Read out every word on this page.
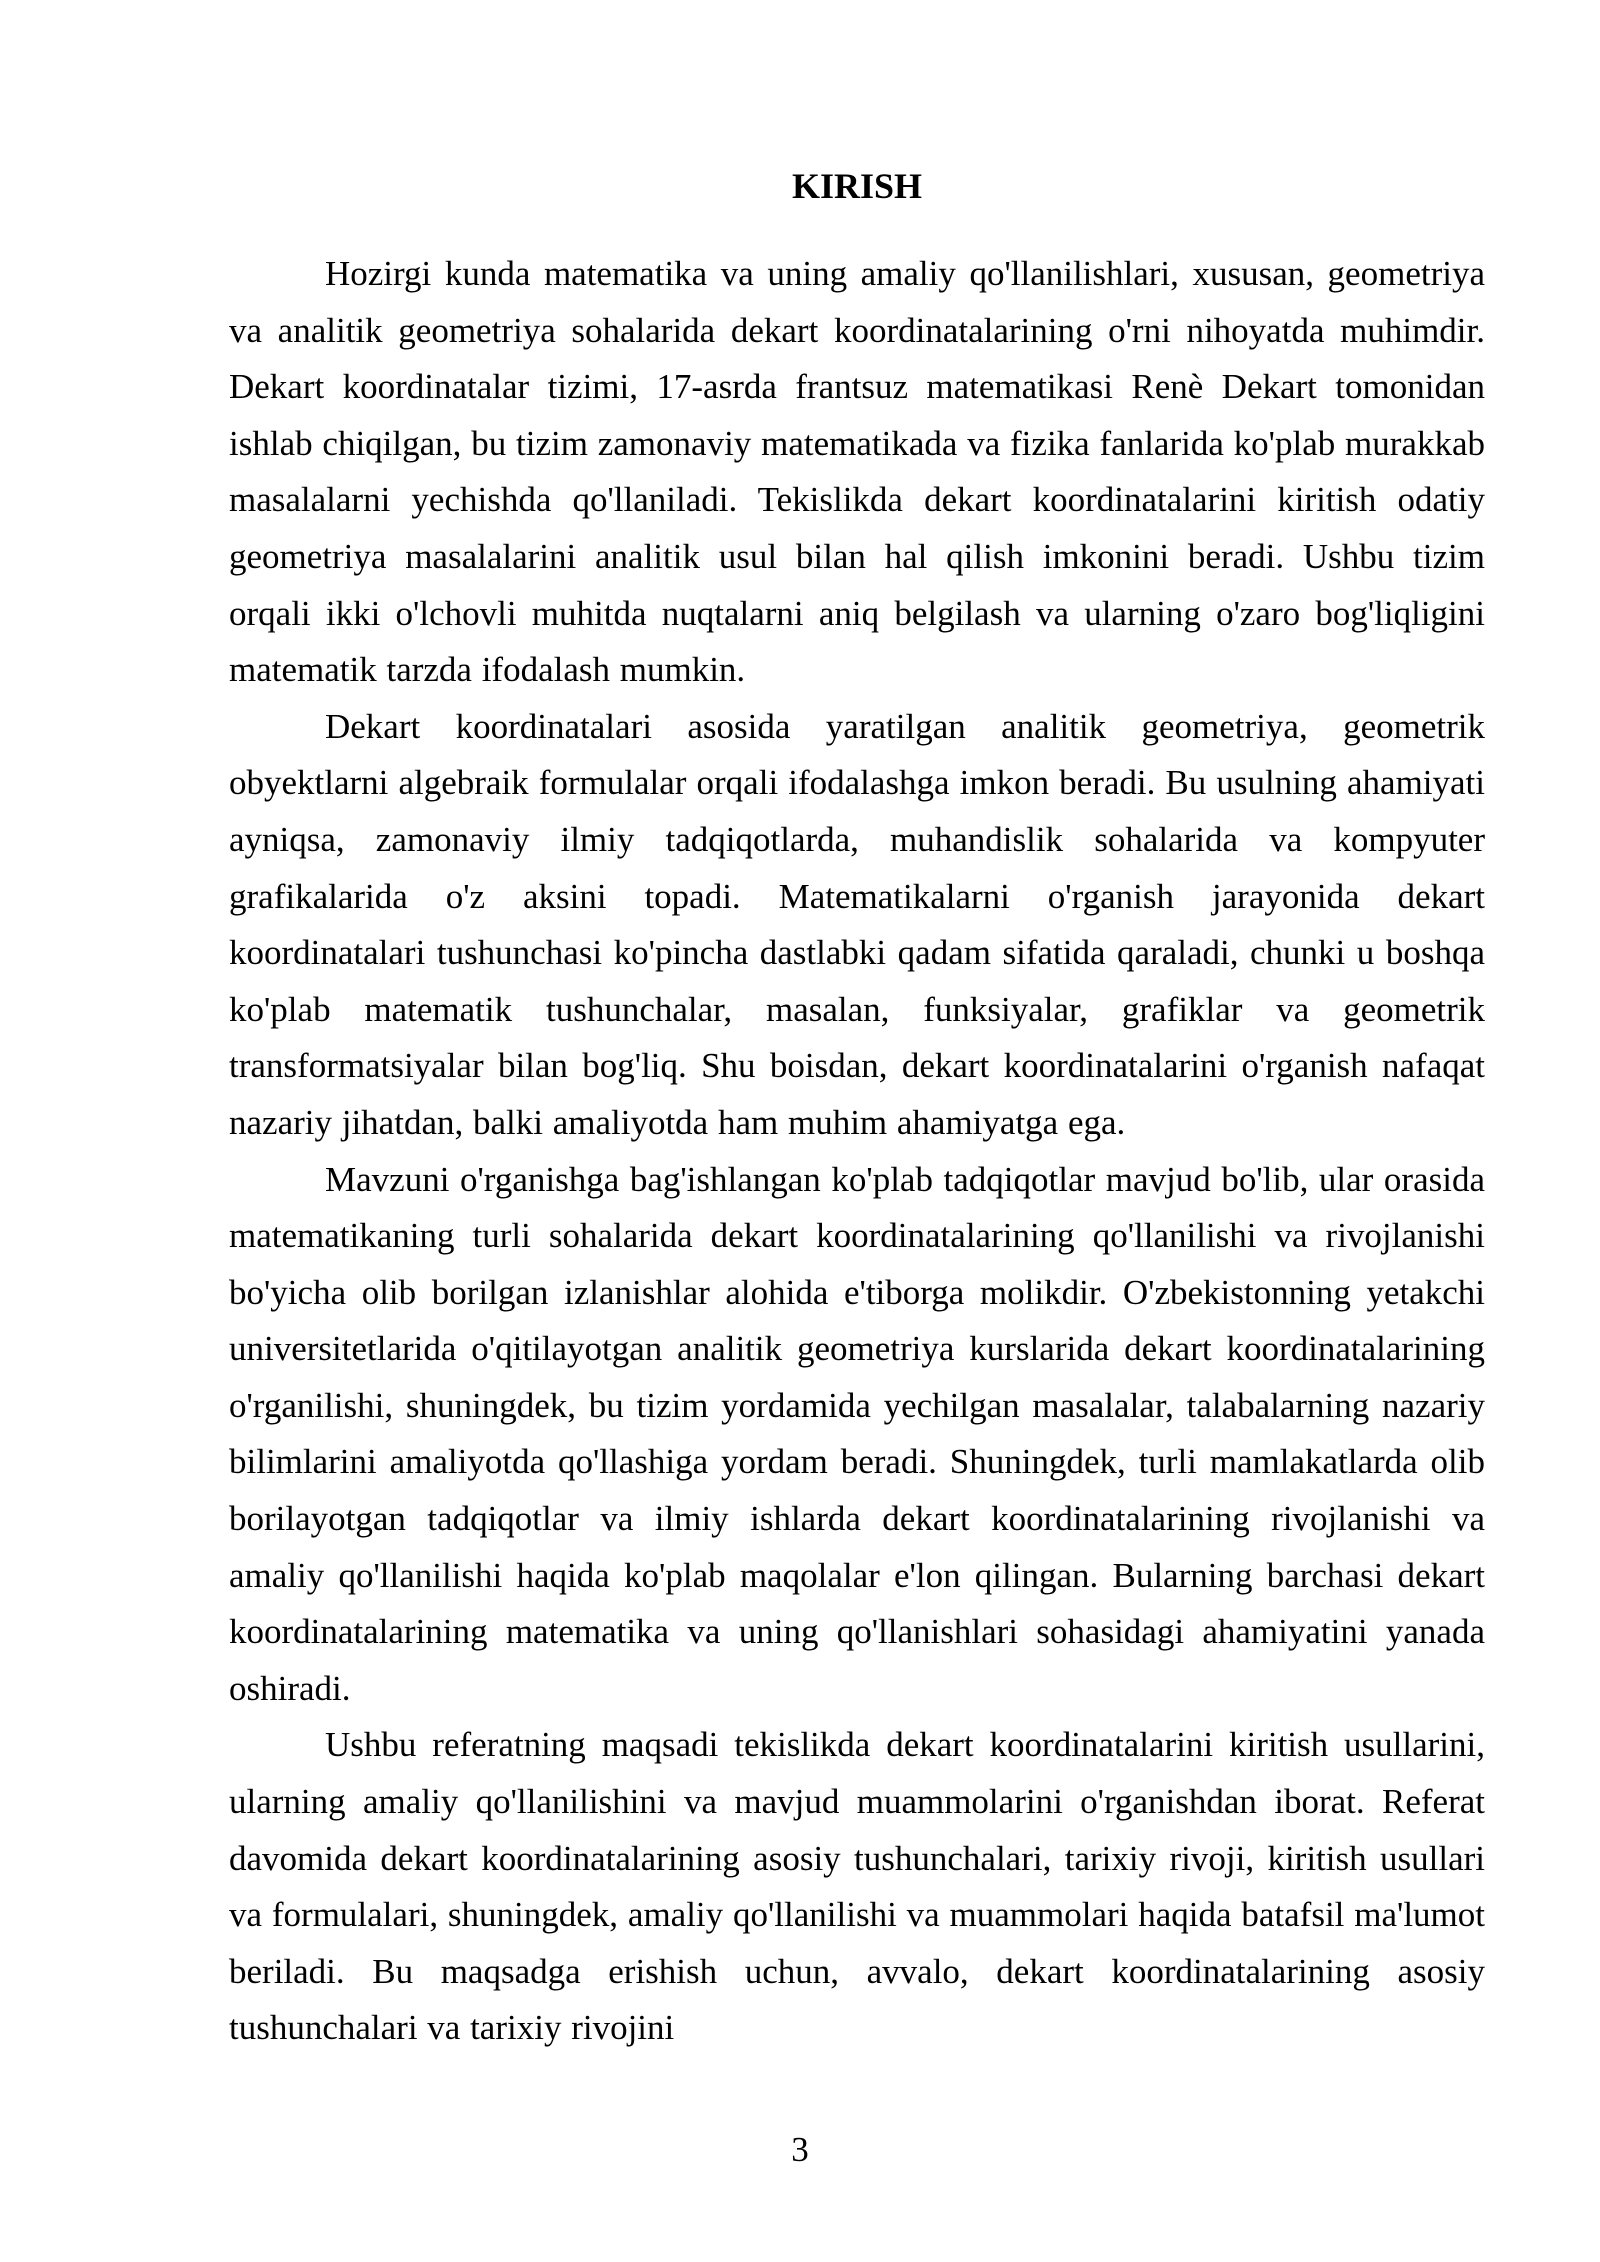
KIRISH

Hozirgi kunda matematika va uning amaliy qo'llanilishlari, xususan, geometriya va analitik geometriya sohalarida dekart koordinatalarining o'rni nihoyatda muhimdir. Dekart koordinatalar tizimi, 17-asrda frantsuz matematikasi Renè Dekart tomonidan ishlab chiqilgan, bu tizim zamonaviy matematikada va fizika fanlarida ko'plab murakkab masalalarni yechishda qo'llaniladi. Tekislikda dekart koordinatalarini kiritish odatiy geometriya masalalarini analitik usul bilan hal qilish imkonini beradi. Ushbu tizim orqali ikki o'lchovli muhitda nuqtalarni aniq belgilash va ularning o'zaro bog'liqligini matematik tarzda ifodalash mumkin.

Dekart koordinatalari asosida yaratilgan analitik geometriya, geometrik obyektlarni algebraik formulalar orqali ifodalashga imkon beradi. Bu usulning ahamiyati ayniqsa, zamonaviy ilmiy tadqiqotlarda, muhandislik sohalarida va kompyuter grafikalarida o'z aksini topadi. Matematikalarni o'rganish jarayonida dekart koordinatalari tushunchasi ko'pincha dastlabki qadam sifatida qaraladi, chunki u boshqa ko'plab matematik tushunchalar, masalan, funksiyalar, grafiklar va geometrik transformatsiyalar bilan bog'liq. Shu boisdan, dekart koordinatalarini o'rganish nafaqat nazariy jihatdan, balki amaliyotda ham muhim ahamiyatga ega.

Mavzuni o'rganishga bag'ishlangan ko'plab tadqiqotlar mavjud bo'lib, ular orasida matematikaning turli sohalarida dekart koordinatalarining qo'llanilishi va rivojlanishi bo'yicha olib borilgan izlanishlar alohida e'tiborga molikdir. O'zbekistonning yetakchi universitetlarida o'qitilayotgan analitik geometriya kurslarida dekart koordinatalarining o'rganilishi, shuningdek, bu tizim yordamida yechilgan masalalar, talabalarning nazariy bilimlarini amaliyotda qo'llashiga yordam beradi. Shuningdek, turli mamlakatlarda olib borilayotgan tadqiqotlar va ilmiy ishlarda dekart koordinatalarining rivojlanishi va amaliy qo'llanilishi haqida ko'plab maqolalar e'lon qilingan. Bularning barchasi dekart koordinatalarining matematika va uning qo'llanishlari sohasidagi ahamiyatini yanada oshiradi.

Ushbu referatning maqsadi tekislikda dekart koordinatalarini kiritish usullarini, ularning amaliy qo'llanilishini va mavjud muammolarini o'rganishdan iborat. Referat davomida dekart koordinatalarining asosiy tushunchalari, tarixiy rivoji, kiritish usullari va formulalari, shuningdek, amaliy qo'llanilishi va muammolari haqida batafsil ma'lumot beriladi. Bu maqsadga erishish uchun, avvalo, dekart koordinatalarining asosiy tushunchalari va tarixiy rivojini

3
